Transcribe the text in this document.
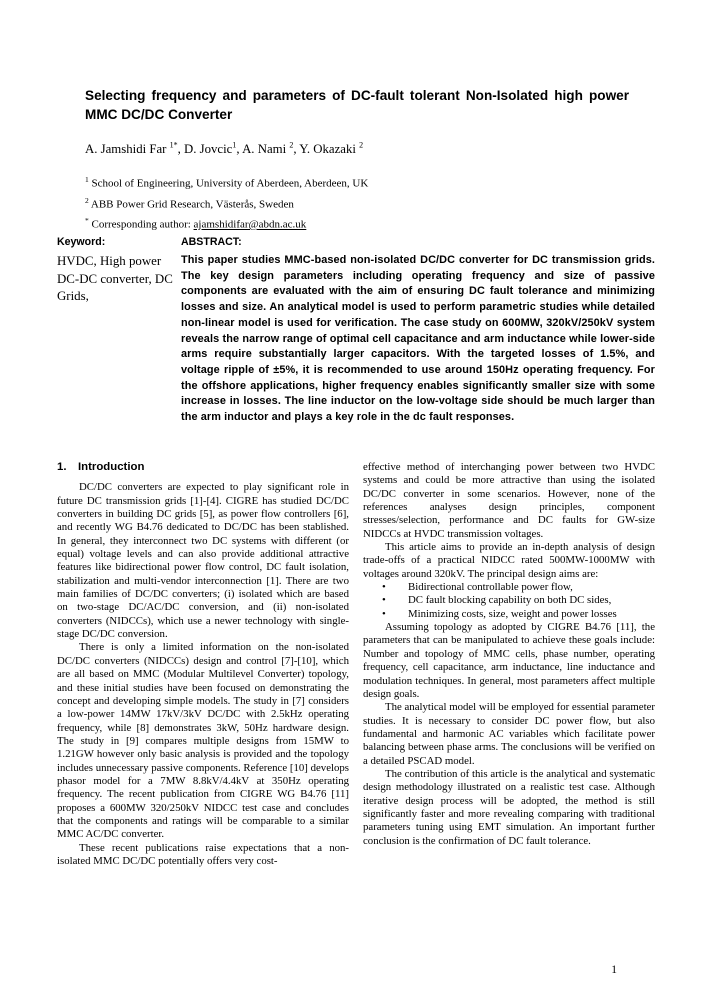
Selecting frequency and parameters of DC-fault tolerant Non-Isolated high power MMC DC/DC Converter
A. Jamshidi Far $^{1*}$, D. Jovcic$^1$, A. Nami $^2$, Y. Okazaki $^2$
$^1$ School of Engineering, University of Aberdeen, Aberdeen, UK
$^2$ ABB Power Grid Research, Västerås, Sweden
* Corresponding author: ajamshidifar@abdn.ac.uk
Keyword:
HVDC, High power DC-DC converter, DC Grids,
ABSTRACT:
This paper studies MMC-based non-isolated DC/DC converter for DC transmission grids. The key design parameters including operating frequency and size of passive components are evaluated with the aim of ensuring DC fault tolerance and minimizing losses and size. An analytical model is used to perform parametric studies while detailed non-linear model is used for verification. The case study on 600MW, 320kV/250kV system reveals the narrow range of optimal cell capacitance and arm inductance while lower-side arms require substantially larger capacitors. With the targeted losses of 1.5%, and voltage ripple of ±5%, it is recommended to use around 150Hz operating frequency. For the offshore applications, higher frequency enables significantly smaller size with some increase in losses. The line inductor on the low-voltage side should be much larger than the arm inductor and plays a key role in the dc fault responses.
1.	Introduction

DC/DC converters are expected to play significant role in future DC transmission grids [1]-[4]. CIGRE has studied DC/DC converters in building DC grids [5], as power flow controllers [6], and recently WG B4.76 dedicated to DC/DC has been stablished. In general, they interconnect two DC systems with different (or equal) voltage levels and can also provide additional attractive features like bidirectional power flow control, DC fault isolation, stabilization and multi-vendor interconnection [1]. There are two main families of DC/DC converters; (i) isolated which are based on two-stage DC/AC/DC conversion, and (ii) non-isolated converters (NIDCCs), which use a newer technology with single-stage DC/DC conversion.

There is only a limited information on the non-isolated DC/DC converters (NIDCCs) design and control [7]-[10], which are all based on MMC (Modular Multilevel Converter) topology, and these initial studies have been focused on demonstrating the concept and developing simple models. The study in [7] considers a low-power 14MW 17kV/3kV DC/DC with 2.5kHz operating frequency, while [8] demonstrates 3kW, 50Hz hardware design. The study in [9] compares multiple designs from 15MW to 1.21GW however only basic analysis is provided and the topology includes unnecessary passive components. Reference [10] develops phasor model for a 7MW 8.8kV/4.4kV at 350Hz operating frequency. The recent publication from CIGRE WG B4.76 [11] proposes a 600MW 320/250kV NIDCC test case and concludes that the components and ratings will be comparable to a similar MMC AC/DC converter.

These recent publications raise expectations that a non-isolated MMC DC/DC potentially offers very cost-

effective method of interchanging power between two HVDC systems and could be more attractive than using the isolated DC/DC converter in some scenarios. However, none of the references analyses design principles, component stresses/selection, performance and DC faults for GW-size NIDCCs at HVDC transmission voltages.

This article aims to provide an in-depth analysis of design trade-offs of a practical NIDCC rated 500MW-1000MW with voltages around 320kV. The principal design aims are:

•	Bidirectional controllable power flow,
•	DC fault blocking capability on both DC sides,
•	Minimizing costs, size, weight and power losses

Assuming topology as adopted by CIGRE B4.76 [11], the parameters that can be manipulated to achieve these goals include: Number and topology of MMC cells, phase number, operating frequency, cell capacitance, arm inductance, line inductance and modulation techniques. In general, most parameters affect multiple design goals.

The analytical model will be employed for essential parameter studies. It is necessary to consider DC power flow, but also fundamental and harmonic AC variables which facilitate power balancing between phase arms. The conclusions will be verified on a detailed PSCAD model.

The contribution of this article is the analytical and systematic design methodology illustrated on a realistic test case. Although iterative design process will be adopted, the method is still significantly faster and more revealing comparing with traditional parameters tuning using EMT simulation. An important further conclusion is the confirmation of DC fault tolerance.

1
